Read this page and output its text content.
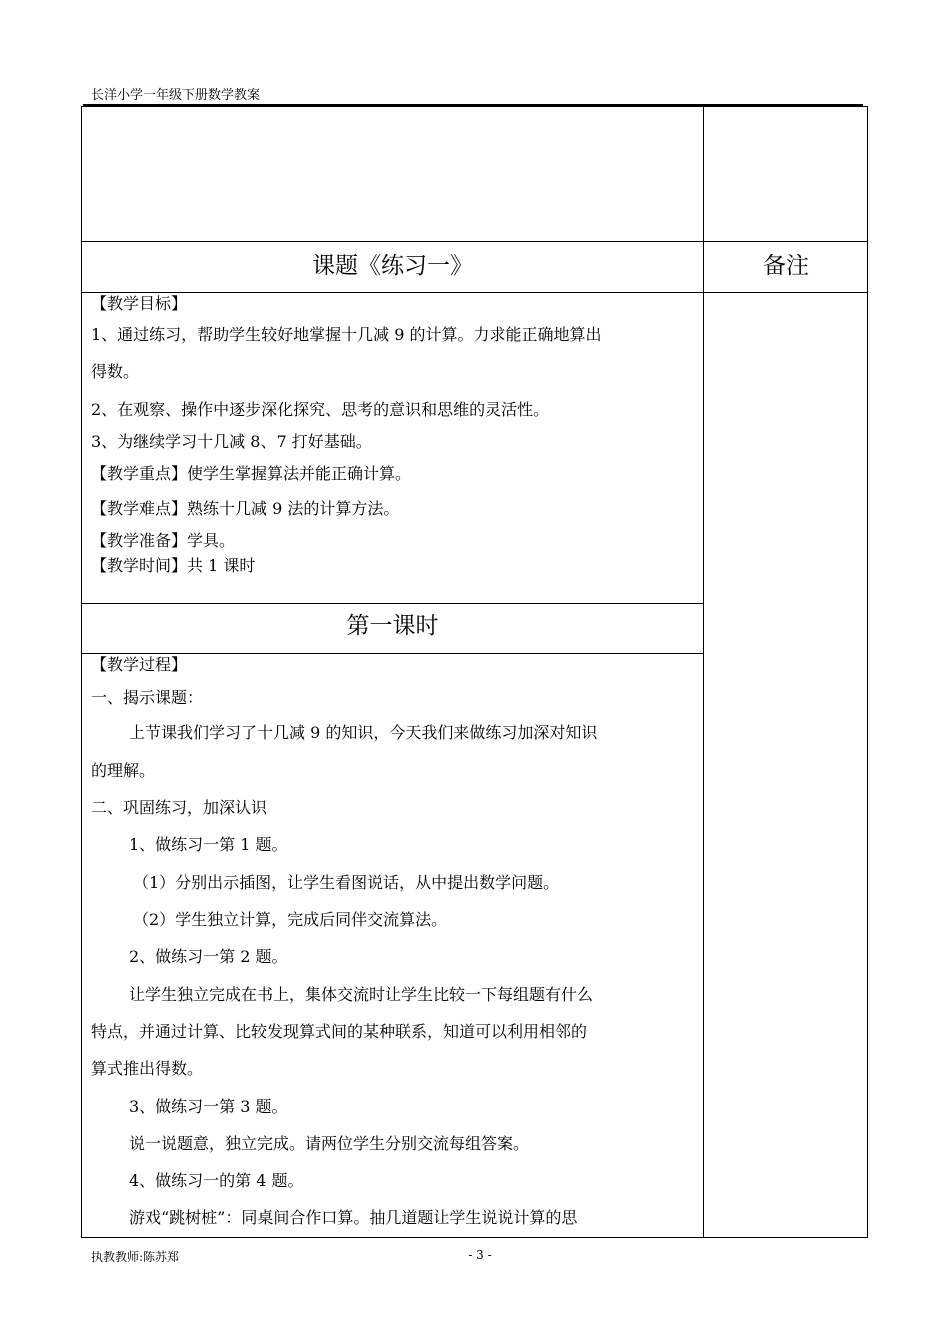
长洋小学一年级下册数学教案
课题《练习一》	备注
第一课时
【教学目标】
1、通过练习，帮助学生较好地掌握十几减 9 的计算。力求能正确地算出
得数。
2、在观察、操作中逐步深化探究、思考的意识和思维的灵活性。
3、为继续学习十几减 8、7 打好基础。
【教学重点】使学生掌握算法并能正确计算。
【教学难点】熟练十几减 9 法的计算方法。
【教学准备】学具。
【教学时间】共 1 课时
【教学过程】
一、揭示课题：
上节课我们学习了十几减 9 的知识，今天我们来做练习加深对知识
的理解。
二、巩固练习，加深认识
1、做练习一第 1 题。
（1）分别出示插图，让学生看图说话，从中提出数学问题。
（2）学生独立计算，完成后同伴交流算法。
2、做练习一第 2 题。
让学生独立完成在书上，集体交流时让学生比较一下每组题有什么
特点，并通过计算、比较发现算式间的某种联系，知道可以利用相邻的
算式推出得数。
3、做练习一第 3 题。
说一说题意，独立完成。请两位学生分别交流每组答案。
4、做练习一的第 4 题。
游戏“跳树桩”：同桌间合作口算。抽几道题让学生说说计算的思
执教教师:陈苏郑	- 3 -
